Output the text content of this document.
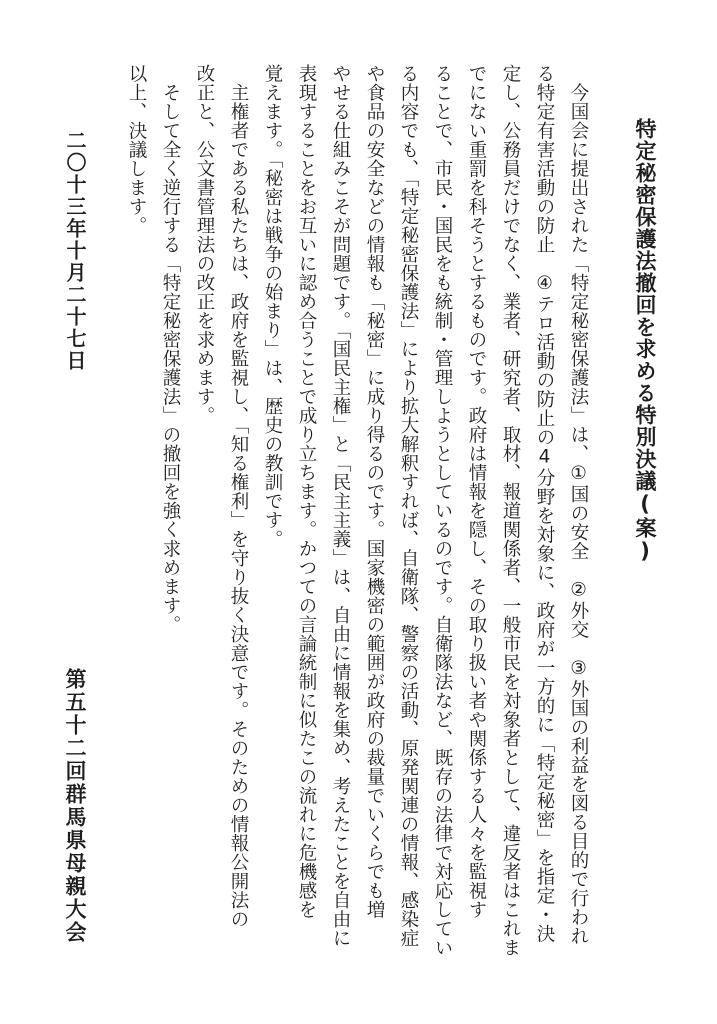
特定秘密保護法撤回を求める特別決議(案)
　今国会に提出された「特定秘密保護法」は、①国の安全　②外交　③外国の利益を図る目的で行われ
る特定有害活動の防止　④テロ活動の防止の4分野を対象に、政府が一方的に「特定秘密」を指定・決
定し、公務員だけでなく、業者、研究者、取材、報道関係者、一般市民を対象者として、違反者はこれま
でにない重罰を科そうとするものです。政府は情報を隠し、その取り扱い者や関係する人々を監視す
ることで、市民・国民をも統制・管理しようとしているのです。自衛隊法など、既存の法律で対応してい
る内容でも、「特定秘密保護法」により拡大解釈すれば、自衛隊、警察の活動、原発関連の情報、感染症
や食品の安全などの情報も「秘密」に成り得るのです。国家機密の範囲が政府の裁量でいくらでも増
やせる仕組みこそが問題です。「国民主権」と「民主主義」は、自由に情報を集め、考えたことを自由に
表現することをお互いに認め合うことで成り立ちます。かつての言論統制に似たこの流れに危機感を
覚えます。「秘密は戦争の始まり」は、歴史の教訓です。
　主権者である私たちは、政府を監視し、「知る権利」を守り抜く決意です。そのための情報公開法の
改正と、公文書管理法の改正を求めます。
　そして全く逆行する「特定秘密保護法」の撤回を強く求めます。
以上、決議します。
二〇十三年十月二十七日
第五十二回群馬県母親大会
